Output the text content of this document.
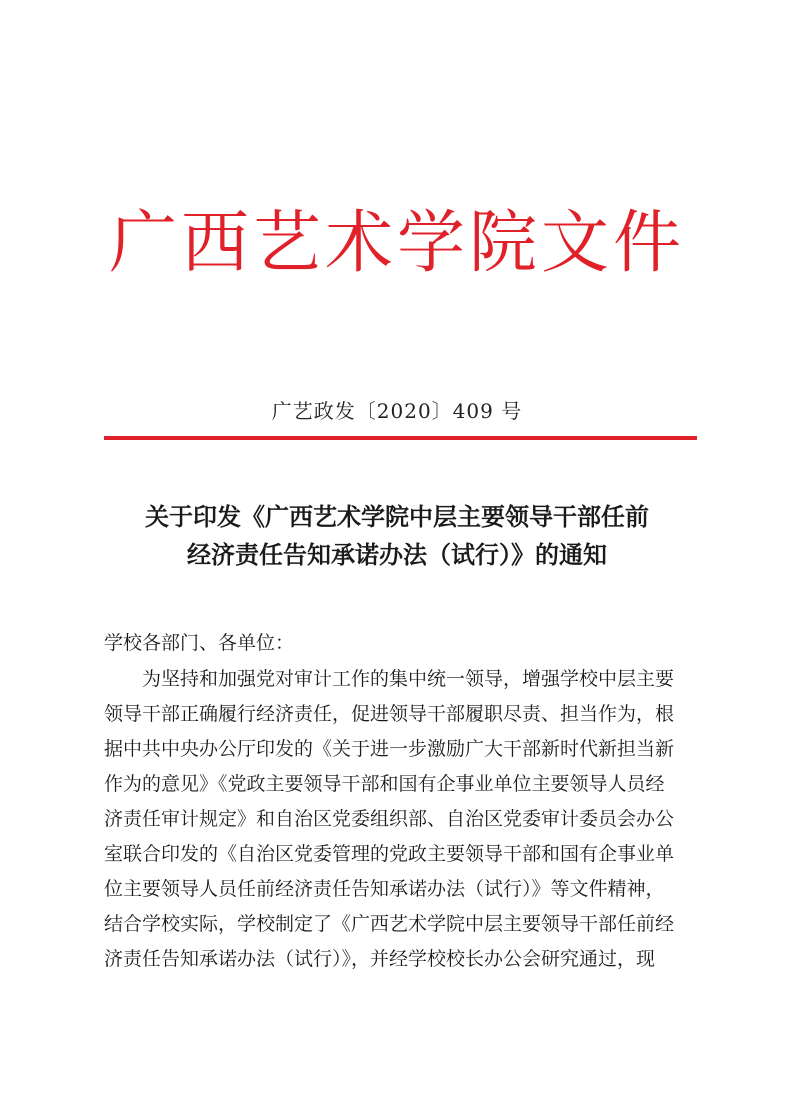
广西艺术学院文件
广艺政发〔2020〕409 号
关于印发《广西艺术学院中层主要领导干部任前
经济责任告知承诺办法（试行）》的通知
学校各部门、各单位：
为坚持和加强党对审计工作的集中统一领导，增强学校中层主要
领导干部正确履行经济责任，促进领导干部履职尽责、担当作为，根
据中共中央办公厅印发的《关于进一步激励广大干部新时代新担当新
作为的意见》《党政主要领导干部和国有企事业单位主要领导人员经
济责任审计规定》和自治区党委组织部、自治区党委审计委员会办公
室联合印发的《自治区党委管理的党政主要领导干部和国有企事业单
位主要领导人员任前经济责任告知承诺办法（试行）》等文件精神，
结合学校实际，学校制定了《广西艺术学院中层主要领导干部任前经
济责任告知承诺办法（试行）》，并经学校校长办公会研究通过，现
